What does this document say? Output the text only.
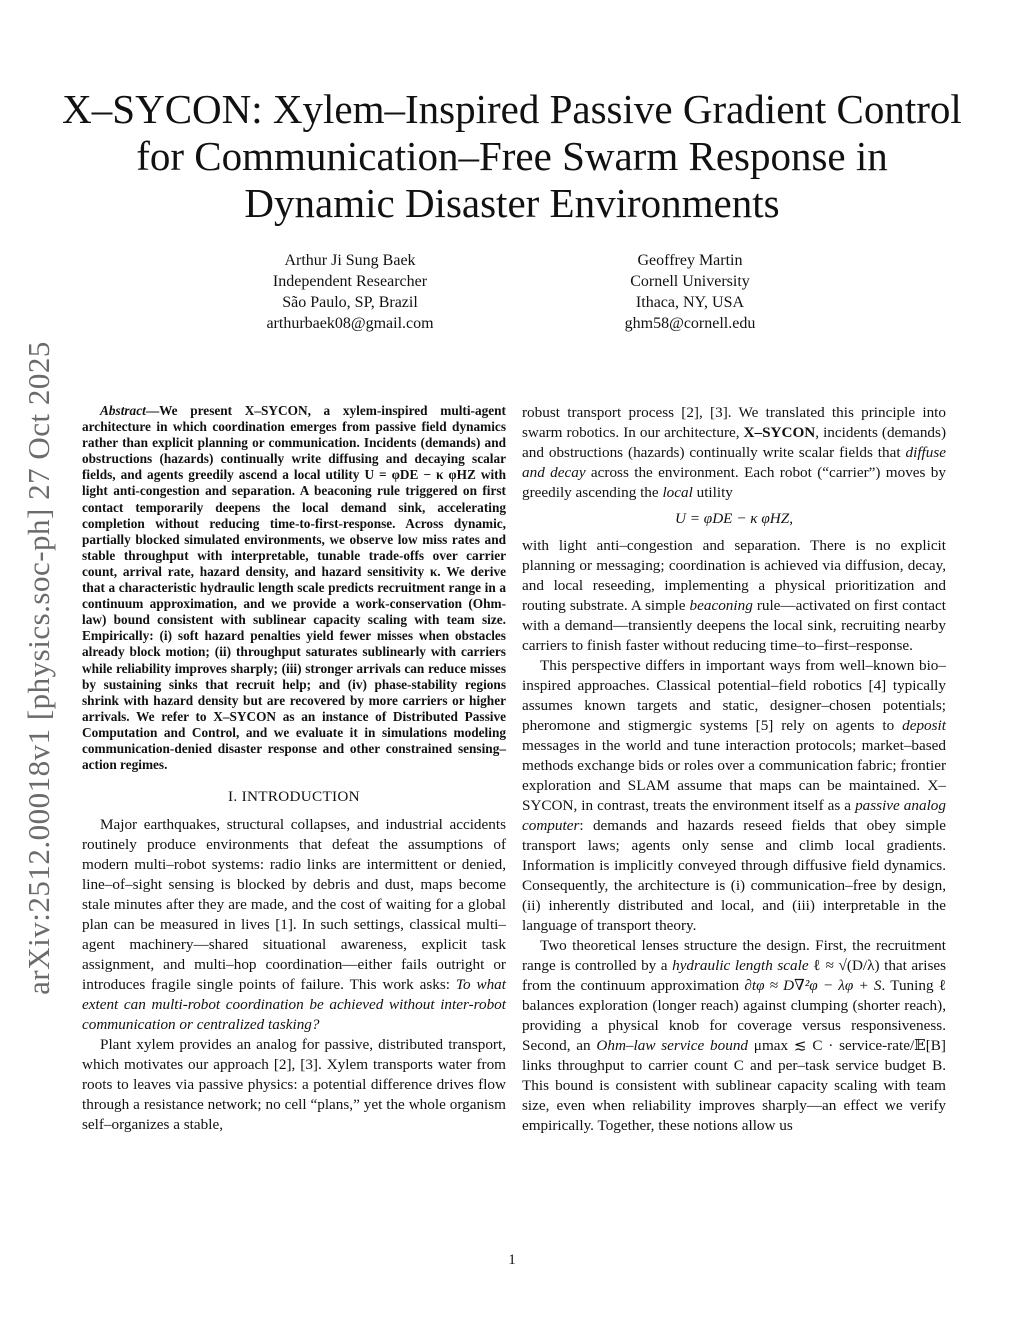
arXiv:2512.00018v1 [physics.soc-ph] 27 Oct 2025
X–SYCON: Xylem–Inspired Passive Gradient Control for Communication–Free Swarm Response in Dynamic Disaster Environments
Arthur Ji Sung Baek
Independent Researcher
São Paulo, SP, Brazil
arthurbaek08@gmail.com
Geoffrey Martin
Cornell University
Ithaca, NY, USA
ghm58@cornell.edu

Abstract—We present X–SYCON, a xylem-inspired multi-agent architecture in which coordination emerges from passive field dynamics rather than explicit planning or communication. Incidents (demands) and obstructions (hazards) continually write diffusing and decaying scalar fields, and agents greedily ascend a local utility U = φDE − κ φHZ with light anti-congestion and separation. A beaconing rule triggered on first contact temporarily deepens the local demand sink, accelerating completion without reducing time-to-first-response. Across dynamic, partially blocked simulated environments, we observe low miss rates and stable throughput with interpretable, tunable trade-offs over carrier count, arrival rate, hazard density, and hazard sensitivity κ. We derive that a characteristic hydraulic length scale predicts recruitment range in a continuum approximation, and we provide a work-conservation (Ohm-law) bound consistent with sublinear capacity scaling with team size. Empirically: (i) soft hazard penalties yield fewer misses when obstacles already block motion; (ii) throughput saturates sublinearly with carriers while reliability improves sharply; (iii) stronger arrivals can reduce misses by sustaining sinks that recruit help; and (iv) phase-stability regions shrink with hazard density but are recovered by more carriers or higher arrivals. We refer to X–SYCON as an instance of Distributed Passive Computation and Control, and we evaluate it in simulations modeling communication-denied disaster response and other constrained sensing–action regimes.

I. INTRODUCTION

Major earthquakes, structural collapses, and industrial accidents routinely produce environments that defeat the assumptions of modern multi–robot systems: radio links are intermittent or denied, line–of–sight sensing is blocked by debris and dust, maps become stale minutes after they are made, and the cost of waiting for a global plan can be measured in lives [1]. In such settings, classical multi–agent machinery—shared situational awareness, explicit task assignment, and multi–hop coordination—either fails outright or introduces fragile single points of failure. This work asks: To what extent can multi-robot coordination be achieved without inter-robot communication or centralized tasking?

Plant xylem provides an analog for passive, distributed transport, which motivates our approach [2], [3]. Xylem transports water from roots to leaves via passive physics: a potential difference drives flow through a resistance network; no cell “plans,” yet the whole organism self–organizes a stable,

robust transport process [2], [3]. We translated this principle into swarm robotics. In our architecture, X–SYCON, incidents (demands) and obstructions (hazards) continually write scalar fields that diffuse and decay across the environment. Each robot (“carrier”) moves by greedily ascending the local utility

U = φDE − κ φHZ,

with light anti–congestion and separation. There is no explicit planning or messaging; coordination is achieved via diffusion, decay, and local reseeding, implementing a physical prioritization and routing substrate. A simple beaconing rule—activated on first contact with a demand—transiently deepens the local sink, recruiting nearby carriers to finish faster without reducing time–to–first–response.

This perspective differs in important ways from well–known bio–inspired approaches. Classical potential–field robotics [4] typically assumes known targets and static, designer–chosen potentials; pheromone and stigmergic systems [5] rely on agents to deposit messages in the world and tune interaction protocols; market–based methods exchange bids or roles over a communication fabric; frontier exploration and SLAM assume that maps can be maintained. X–SYCON, in contrast, treats the environment itself as a passive analog computer: demands and hazards reseed fields that obey simple transport laws; agents only sense and climb local gradients. Information is implicitly conveyed through diffusive field dynamics. Consequently, the architecture is (i) communication–free by design, (ii) inherently distributed and local, and (iii) interpretable in the language of transport theory.

Two theoretical lenses structure the design. First, the recruitment range is controlled by a hydraulic length scale ℓ ≈ √(D/λ) that arises from the continuum approximation ∂tφ ≈ D∇²φ − λφ + S. Tuning ℓ balances exploration (longer reach) against clumping (shorter reach), providing a physical knob for coverage versus responsiveness. Second, an Ohm–law service bound μmax ≲ C · service-rate/𝔼[B] links throughput to carrier count C and per–task service budget B. This bound is consistent with sublinear capacity scaling with team size, even when reliability improves sharply—an effect we verify empirically. Together, these notions allow us

1
